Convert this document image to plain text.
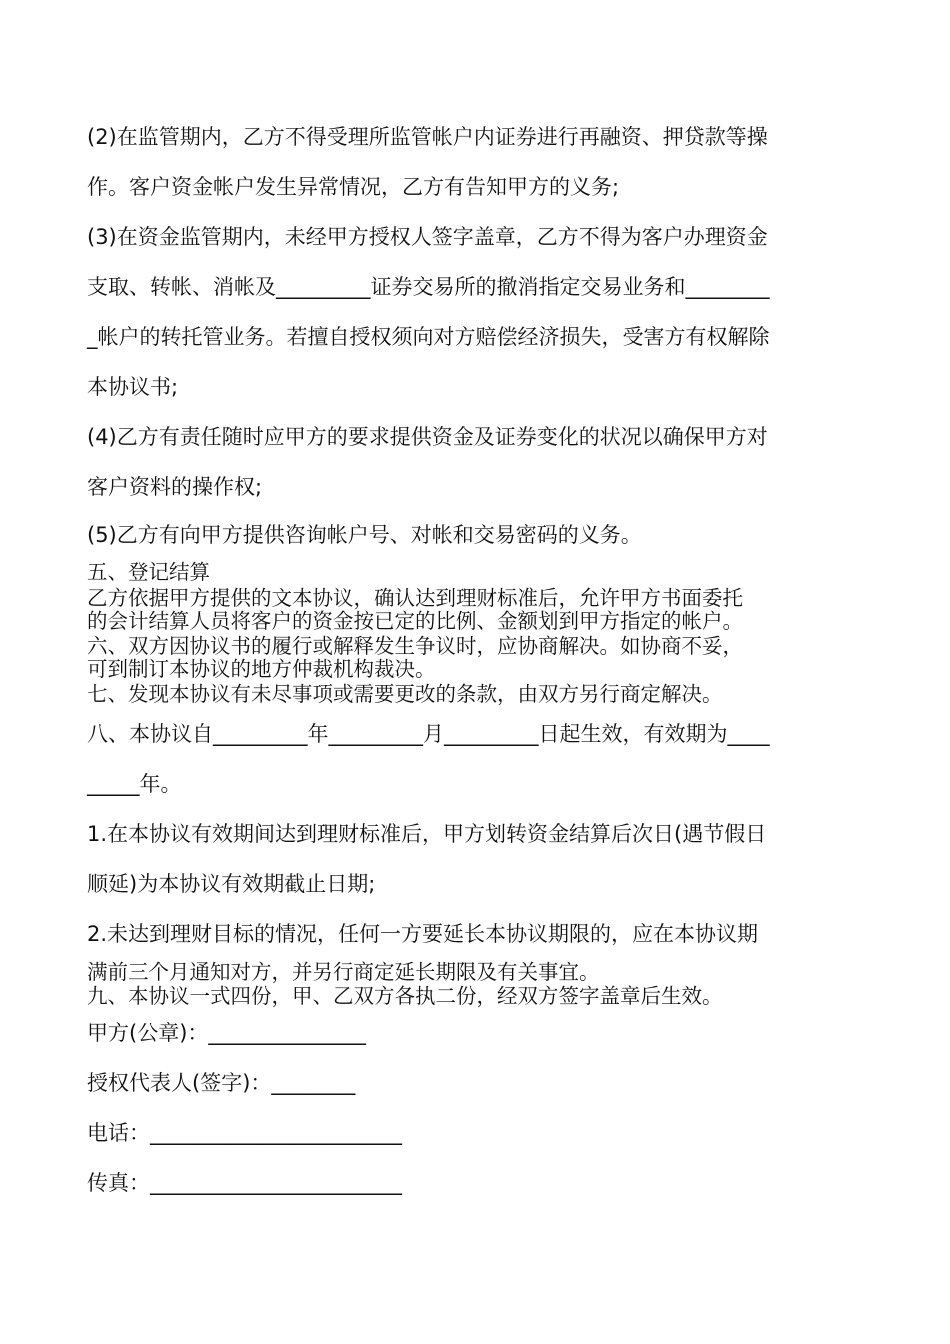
(2)在监管期内，乙方不得受理所监管帐户内证券进行再融资、押贷款等操

作。客户资金帐户发生异常情况，乙方有告知甲方的义务;

(3)在资金监管期内，未经甲方授权人签字盖章，乙方不得为客户办理资金

支取、转帐、消帐及_________证券交易所的撤消指定交易业务和________

_帐户的转托管业务。若擅自授权须向对方赔偿经济损失，受害方有权解除

本协议书;

(4)乙方有责任随时应甲方的要求提供资金及证券变化的状况以确保甲方对

客户资料的操作权;

(5)乙方有向甲方提供咨询帐户号、对帐和交易密码的义务。

五、登记结算

乙方依据甲方提供的文本协议，确认达到理财标准后，允许甲方书面委托

的会计结算人员将客户的资金按已定的比例、金额划到甲方指定的帐户。

六、双方因协议书的履行或解释发生争议时，应协商解决。如协商不妥，

可到制订本协议的地方仲裁机构裁决。

七、发现本协议有未尽事项或需要更改的条款，由双方另行商定解决。

八、本协议自_________年_________月_________日起生效，有效期为____

_____年。

1.在本协议有效期间达到理财标准后，甲方划转资金结算后次日(遇节假日

顺延)为本协议有效期截止日期;

2.未达到理财目标的情况，任何一方要延长本协议期限的，应在本协议期

满前三个月通知对方，并另行商定延长期限及有关事宜。

九、本协议一式四份，甲、乙双方各执二份，经双方签字盖章后生效。

甲方(公章)：_______________

授权代表人(签字)：________

电话：________________________

传真：________________________
